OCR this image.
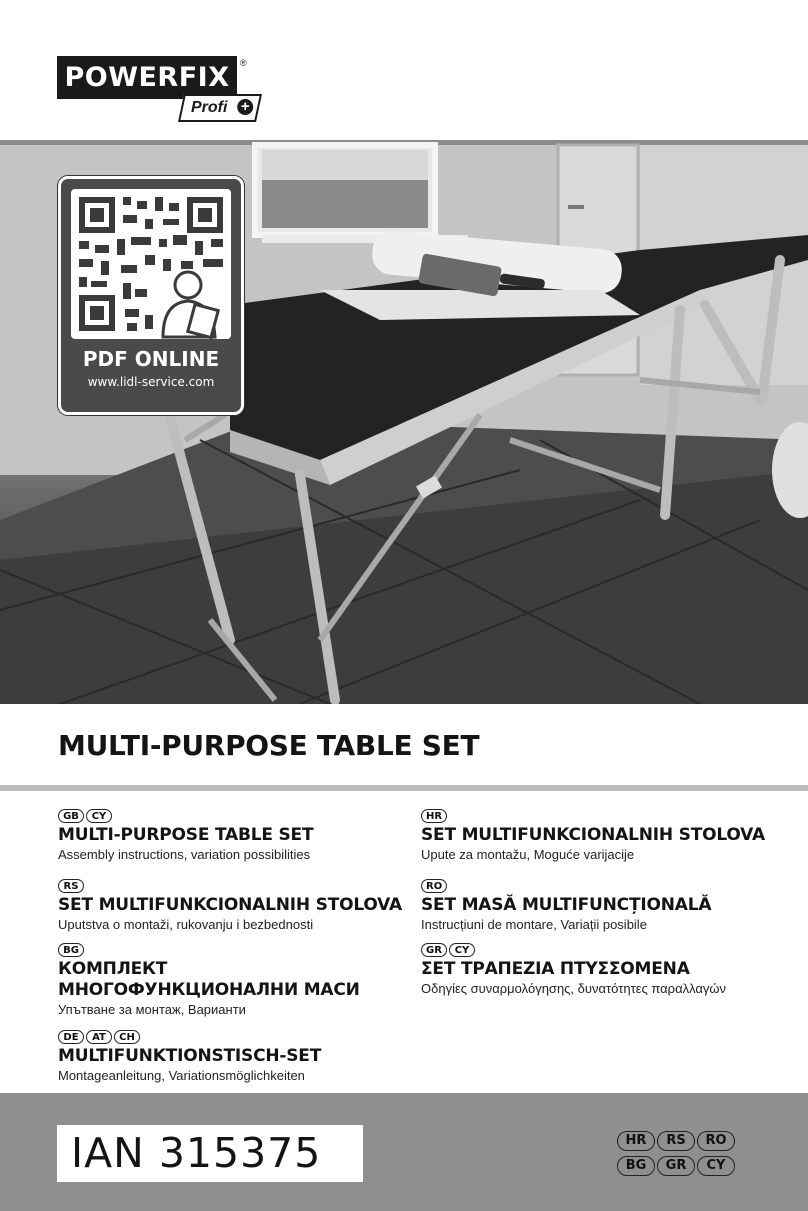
POWERFIX	®
Profi +
PDF ONLINE
www.lidl-service.com
MULTI-PURPOSE TABLE SET
GB CY
MULTI-PURPOSE TABLE SET
Assembly instructions, variation possibilities
RS
SET MULTIFUNKCIONALNIH STOLOVA
Uputstva o montaži, rukovanju i bezbednosti
BG
КОМПЛЕКТ МНОГОФУНКЦИОНАЛНИ МАСИ
Упътване за монтаж, Варианти
DE AT CH
MULTIFUNKTIONSTISCH-SET
Montageanleitung, Variationsmöglichkeiten
HR
SET MULTIFUNKCIONALNIH STOLOVA
Upute za montažu, Moguće varijacije
RO
SET MASĂ MULTIFUNCȚIONALĂ
Instrucțiuni de montare, Variații posibile
GR CY
ΣΕΤ ΤΡΑΠΕΖΙΑ ΠΤΥΣΣΟΜΕΝΑ
Οδηγίες συναρμολόγησης, δυνατότητες παραλλαγών
IAN 315375	HR RS RO
BG GR CY
